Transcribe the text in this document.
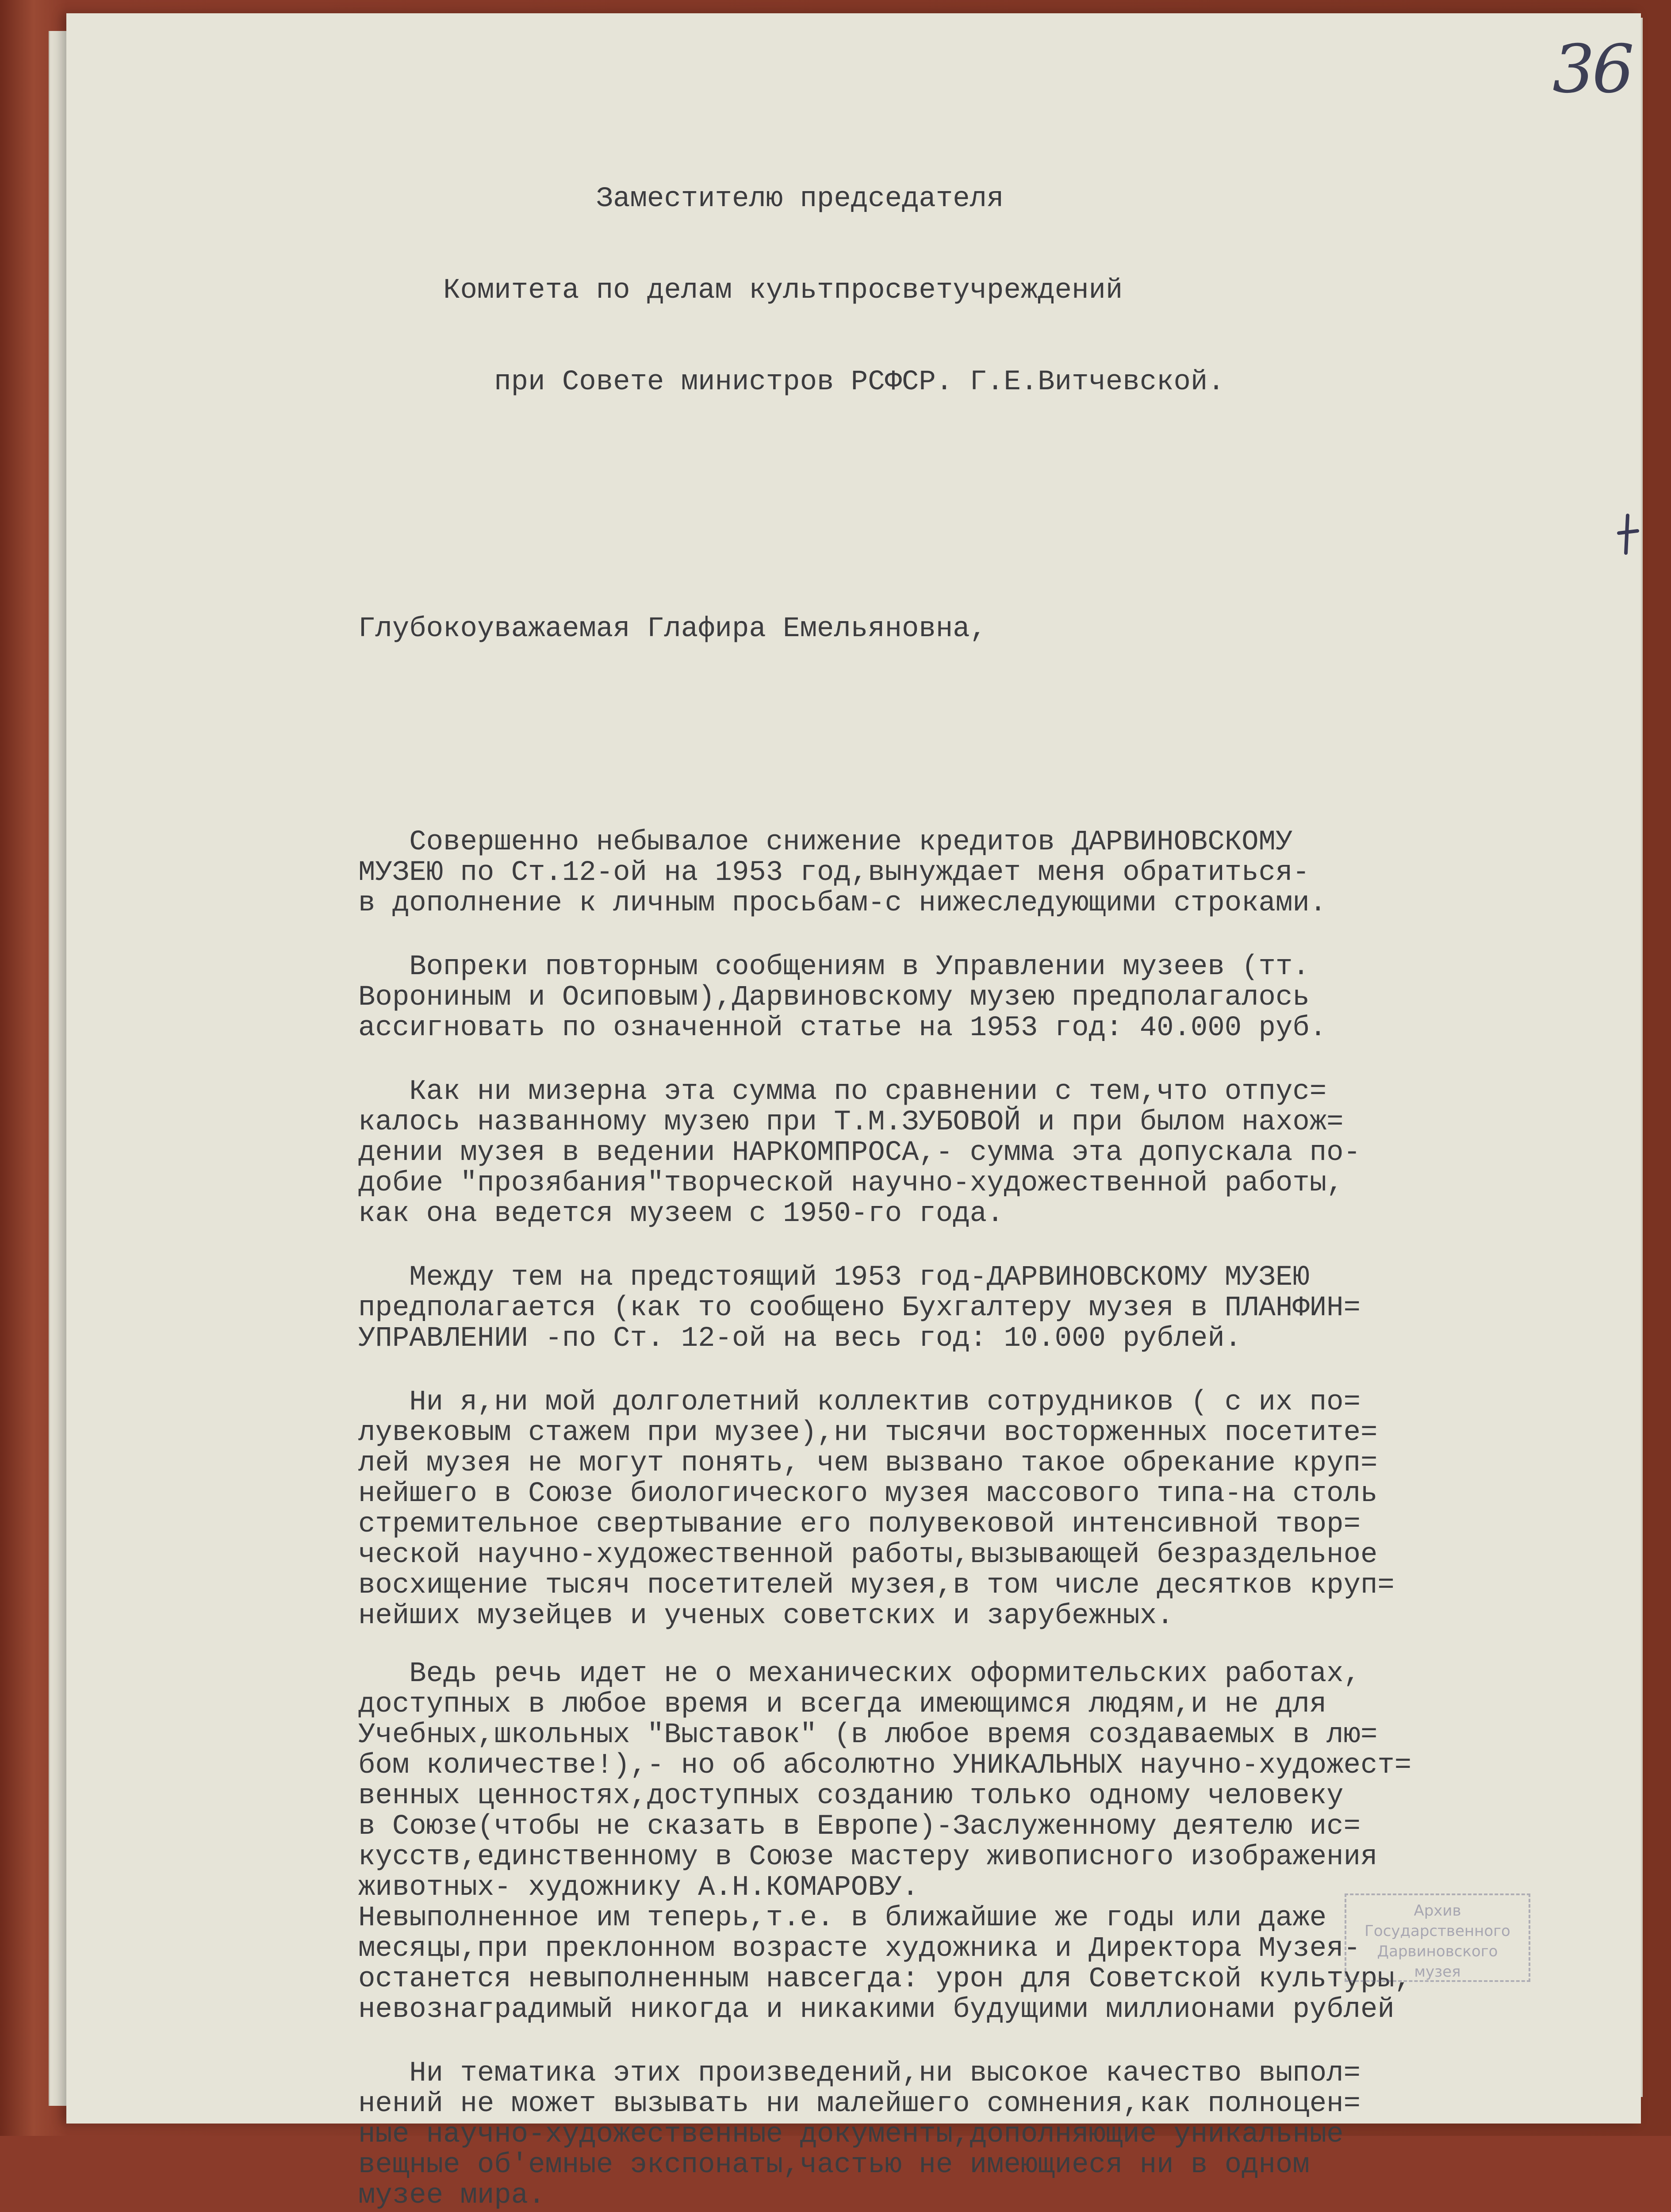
36

Заместителю председателя

Комитета по делам культпросветучреждений

при Совете министров РСФСР. Г.Е.Витчевской.

Глубокоуважаемая Глафира Емельяновна,

Совершенно небывалое снижение кредитов ДАРВИНОВСКОМУ
МУЗЕЮ по Ст.12-ой на 1953 год,вынуждает меня обратиться-
в дополнение к личным просьбам-с нижеследующими строками.
Вопреки повторным сообщениям в Управлении музеев (тт.
Ворониным и Осиповым),Дарвиновскому музею предполагалось
ассигновать по означенной статье на 1953 год: 40.000 руб.
Как ни мизерна эта сумма по сравнении с тем,что отпус=
калось названному музею при Т.М.ЗУБОВОЙ и при былом нахож=
дении музея в ведении НАРКОМПРОСА,- сумма эта допускала по-
добие "прозябания"творческой научно-художественной работы,
как она ведется музеем с 1950-го года.
Между тем на предстоящий 1953 год-ДАРВИНОВСКОМУ МУЗЕЮ
предполагается (как то сообщено Бухгалтеру музея в ПЛАНФИН=
УПРАВЛЕНИИ -по Ст. 12-ой на весь год: 10.000 рублей.
Ни я,ни мой долголетний коллектив сотрудников ( с их по=
лувековым стажем при музее),ни тысячи восторженных посетите=
лей музея не могут понять, чем вызвано такое обрекание круп=
нейшего в Союзе биологического музея массового типа-на столь
стремительное свертывание его полувековой интенсивной твор=
ческой научно-художественной работы,вызывающей безраздельное
восхищение тысяч посетителей музея,в том числе десятков круп=
нейших музейцев и ученых советских и зарубежных.
Ведь речь идет не о механических оформительских работах,
доступных в любое время и всегда имеющимся людям,и не для
Учебных,школьных "Выставок" (в любое время создаваемых в лю=
бом количестве!),- но об абсолютно УНИКАЛЬНЫХ научно-художест=
венных ценностях,доступных созданию только одному человеку
в Союзе(чтобы не сказать в Европе)-Заслуженному деятелю ис=
кусств,единственному в Союзе мастеру живописного изображения
животных- художнику А.Н.КОМАРОВУ.
Невыполненное им теперь,т.е. в ближайшие же годы или даже
месяцы,при преклонном возрасте художника и Директора Музея-
останется невыполненным навсегда: урон для Советской культуры,
невознаградимый никогда и никакими будущими миллионами рублей
Ни тематика этих произведений,ни высокое качество выпол=
нений не может вызывать ни малейшего сомнения,как полноцен=
ные научно-художественные документы,дополняющие уникальные
вещные об'емные экспонаты,частью не имеющиеся ни в одном
музее мира.

Архив
Государственного
Дарвиновского музея
